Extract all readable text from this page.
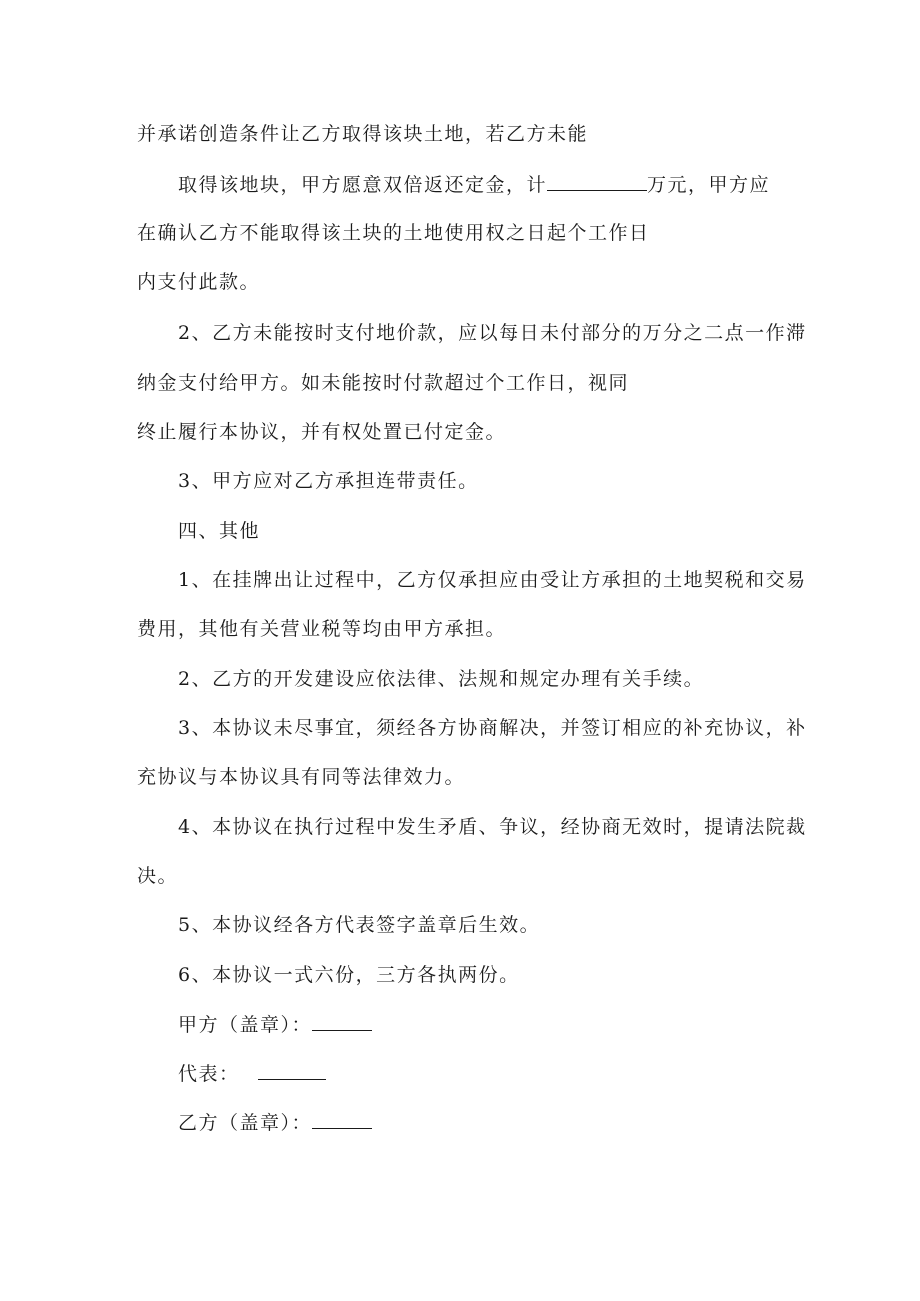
并承诺创造条件让乙方取得该块土地，若乙方未能
取得该地块，甲方愿意双倍返还定金，计	万元，甲方应
在确认乙方不能取得该土块的土地使用权之日起个工作日
内支付此款。
2、乙方未能按时支付地价款，应以每日未付部分的万分之二点一作滞
纳金支付给甲方。如未能按时付款超过个工作日，视同
终止履行本协议，并有权处置已付定金。
3、甲方应对乙方承担连带责任。
四、其他
1、在挂牌出让过程中，乙方仅承担应由受让方承担的土地契税和交易
费用，其他有关营业税等均由甲方承担。
2、乙方的开发建设应依法律、法规和规定办理有关手续。
3、本协议未尽事宜，须经各方协商解决，并签订相应的补充协议，补
充协议与本协议具有同等法律效力。
4、本协议在执行过程中发生矛盾、争议，经协商无效时，提请法院裁
决。
5、本协议经各方代表签字盖章后生效。
6、本协议一式六份，三方各执两份。
甲方（盖章）：
代表：
乙方（盖章）：
